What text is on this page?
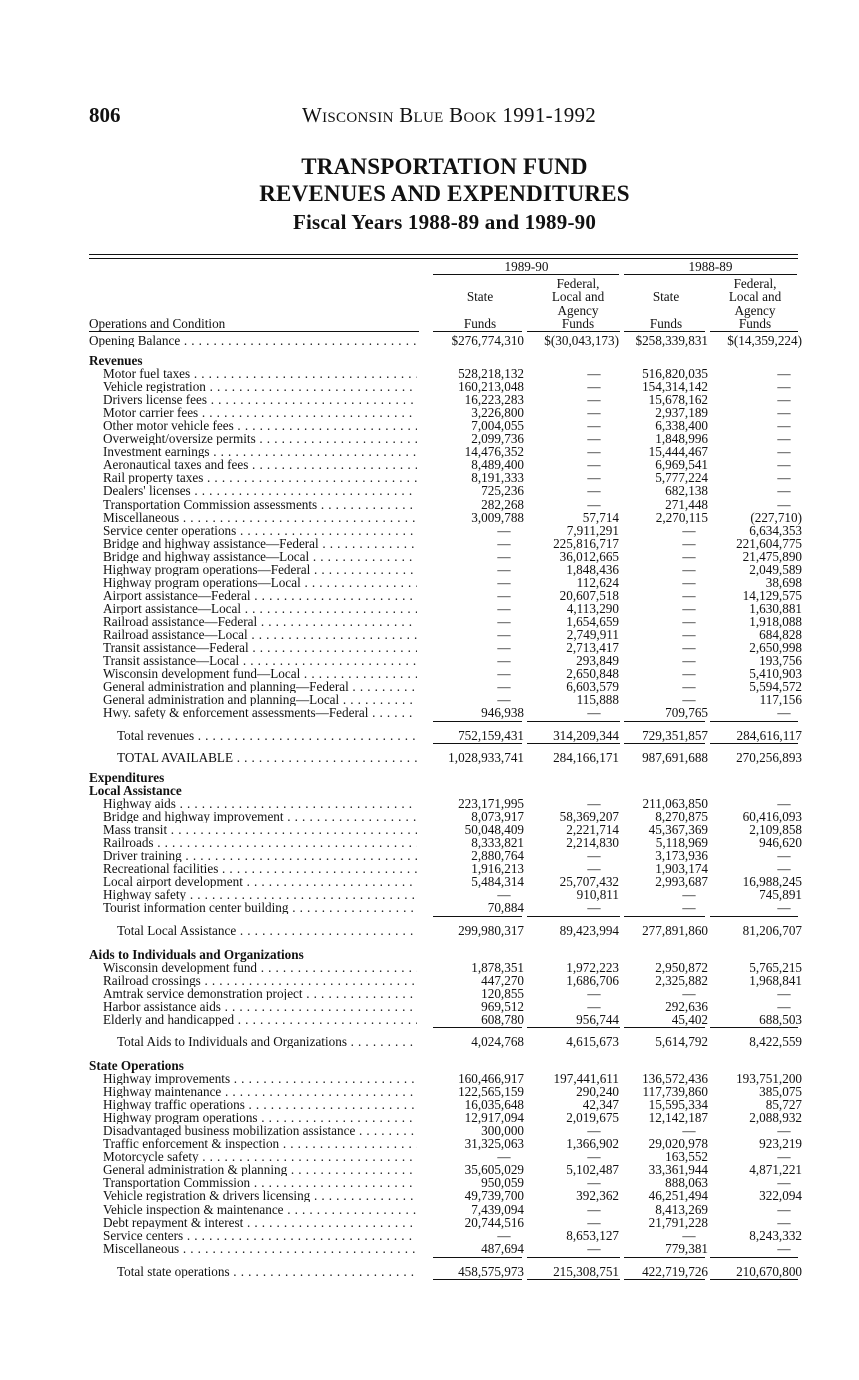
806	Wisconsin Blue Book 1991-1992
TRANSPORTATION FUND
REVENUES AND EXPENDITURES
Fiscal Years 1988-89 and 1989-90
1989-90	1988-89
State
Funds
Federal,
Local and
Agency
Funds
State
Funds
Federal,
Local and
Agency
Funds
Operations and Condition
Opening Balance . . .	$276,774,310	$(30,043,173)	$258,339,831	$(14,359,224)
Revenues
Motor fuel taxes . . .	528,218,132	—	516,820,035	—
Vehicle registration . . .	160,213,048	—	154,314,142	—
Drivers license fees . . .	16,223,283	—	15,678,162	—
Motor carrier fees . . .	3,226,800	—	2,937,189	—
Other motor vehicle fees . . .	7,004,055	—	6,338,400	—
Overweight/oversize permits . . .	2,099,736	—	1,848,996	—
Investment earnings . . .	14,476,352	—	15,444,467	—
Aeronautical taxes and fees . . .	8,489,400	—	6,969,541	—
Rail property taxes . . .	8,191,333	—	5,777,224	—
Dealers' licenses . . .	725,236	—	682,138	—
Transportation Commission assessments . . .	282,268	—	271,448	—
Miscellaneous . . .	3,009,788	57,714	2,270,115	(227,710)
Service center operations . . .	—	7,911,291	—	6,634,353
Bridge and highway assistance—Federal . . .	—	225,816,717	—	221,604,775
Bridge and highway assistance—Local . . .	—	36,012,665	—	21,475,890
Highway program operations—Federal . . .	—	1,848,436	—	2,049,589
Highway program operations—Local . . .	—	112,624	—	38,698
Airport assistance—Federal . . .	—	20,607,518	—	14,129,575
Airport assistance—Local . . .	—	4,113,290	—	1,630,881
Railroad assistance—Federal . . .	—	1,654,659	—	1,918,088
Railroad assistance—Local . . .	—	2,749,911	—	684,828
Transit assistance—Federal . . .	—	2,713,417	—	2,650,998
Transit assistance—Local . . .	—	293,849	—	193,756
Wisconsin development fund—Local . . .	—	2,650,848	—	5,410,903
General administration and planning—Federal . . .	—	6,603,579	—	5,594,572
General administration and planning—Local . . .	—	115,888	—	117,156
Hwy. safety & enforcement assessments—Federal . . .	946,938	—	709,765	—
Total revenues . . .	752,159,431	314,209,344	729,351,857	284,616,117
TOTAL AVAILABLE . . .	1,028,933,741	284,166,171	987,691,688	270,256,893
Expenditures
Local Assistance
Highway aids . . .	223,171,995	—	211,063,850	—
Bridge and highway improvement . . .	8,073,917	58,369,207	8,270,875	60,416,093
Mass transit . . .	50,048,409	2,221,714	45,367,369	2,109,858
Railroads . . .	8,333,821	2,214,830	5,118,969	946,620
Driver training . . .	2,880,764	—	3,173,936	—
Recreational facilities . . .	1,916,213	—	1,903,174	—
Local airport development . . .	5,484,314	25,707,432	2,993,687	16,988,245
Highway safety . . .	—	910,811	—	745,891
Tourist information center building . . .	70,884	—	—	—
Total Local Assistance . . .	299,980,317	89,423,994	277,891,860	81,206,707
Aids to Individuals and Organizations
Wisconsin development fund . . .	1,878,351	1,972,223	2,950,872	5,765,215
Railroad crossings . . .	447,270	1,686,706	2,325,882	1,968,841
Amtrak service demonstration project . . .	120,855	—	—	—
Harbor assistance aids . . .	969,512	—	292,636	—
Elderly and handicapped . . .	608,780	956,744	45,402	688,503
Total Aids to Individuals and Organizations . . .	4,024,768	4,615,673	5,614,792	8,422,559
State Operations
Highway improvements . . .	160,466,917	197,441,611	136,572,436	193,751,200
Highway maintenance . . .	122,565,159	290,240	117,739,860	385,075
Highway traffic operations . . .	16,035,648	42,347	15,595,334	85,727
Highway program operations . . .	12,917,094	2,019,675	12,142,187	2,088,932
Disadvantaged business mobilization assistance . . .	300,000	—	—	—
Traffic enforcement & inspection . . .	31,325,063	1,366,902	29,020,978	923,219
Motorcycle safety . . .	—	—	163,552	—
General administration & planning . . .	35,605,029	5,102,487	33,361,944	4,871,221
Transportation Commission . . .	950,059	—	888,063	—
Vehicle registration & drivers licensing . . .	49,739,700	392,362	46,251,494	322,094
Vehicle inspection & maintenance . . .	7,439,094	—	8,413,269	—
Debt repayment & interest . . .	20,744,516	—	21,791,228	—
Service centers . . .	—	8,653,127	—	8,243,332
Miscellaneous . . .	487,694	—	779,381	—
Total state operations . . .	458,575,973	215,308,751	422,719,726	210,670,800
